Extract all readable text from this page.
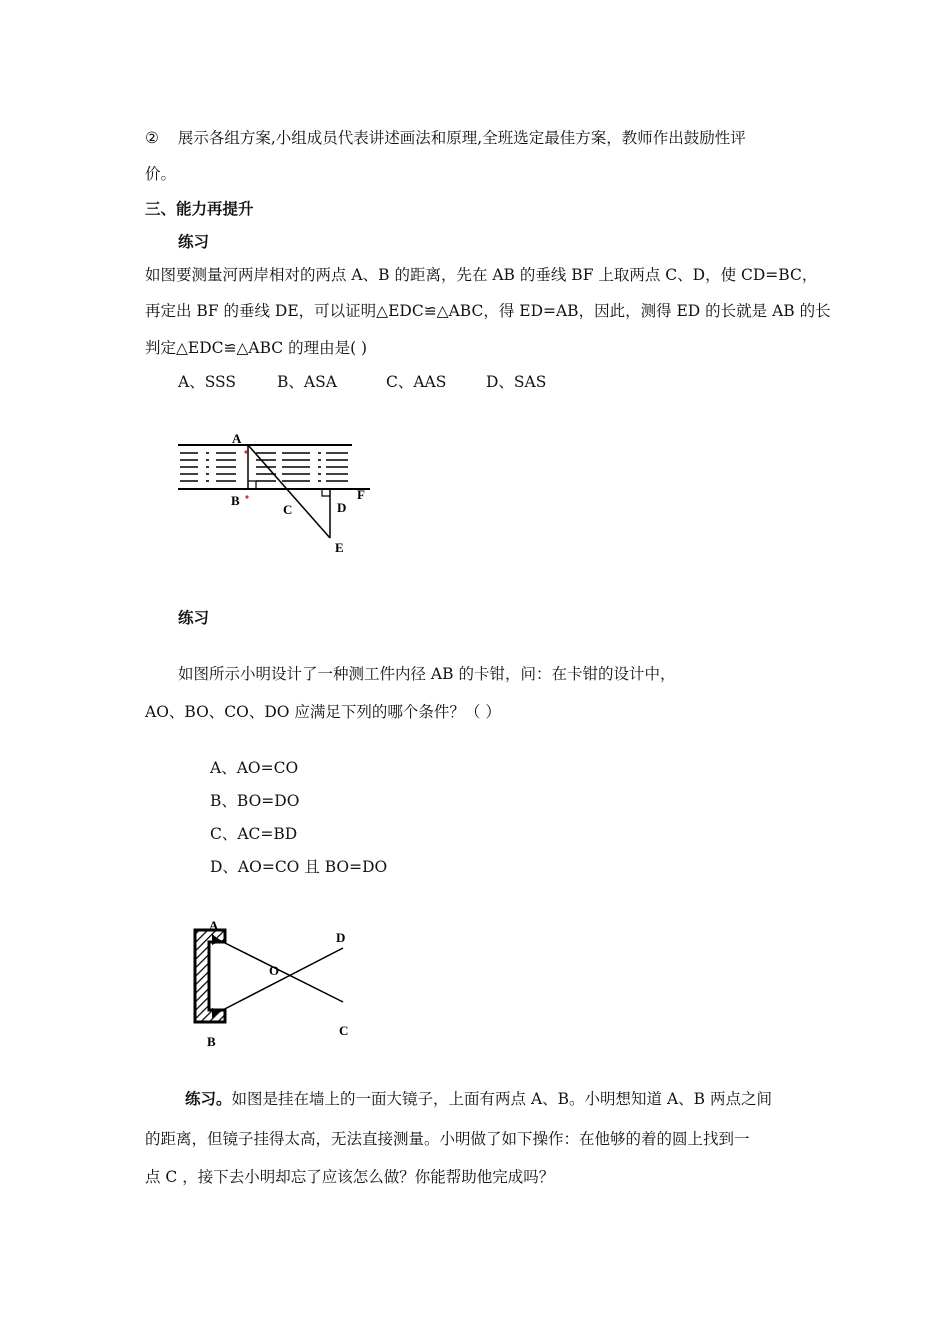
② 展示各组方案,小组成员代表讲述画法和原理,全班选定最佳方案，教师作出鼓励性评
价。
三、能力再提升
练习
如图要测量河两岸相对的两点 A、B 的距离，先在 AB 的垂线 BF 上取两点 C、D，使 CD=BC，
再定出 BF 的垂线 DE，可以证明△EDC≌△ABC，得 ED=AB，因此，测得 ED 的长就是 AB 的长
判定△EDC≌△ABC 的理由是( )
A、SSS	B、ASA	C、AAS	D、SAS
A
B
C	D
E
F
练习
如图所示小明设计了一种测工件内径 AB 的卡钳，问：在卡钳的设计中，
AO、BO、CO、DO 应满足下列的哪个条件？（ ）
A、AO=CO
B、BO=DO
C、AC=BD
D、AO=CO 且 BO=DO
A
D
O
B
C
练习。如图是挂在墙上的一面大镜子，上面有两点 A、B。小明想知道 A、B 两点之间
的距离，但镜子挂得太高，无法直接测量。小明做了如下操作：在他够的着的圆上找到一
点 C ，接下去小明却忘了应该怎么做？你能帮助他完成吗？
